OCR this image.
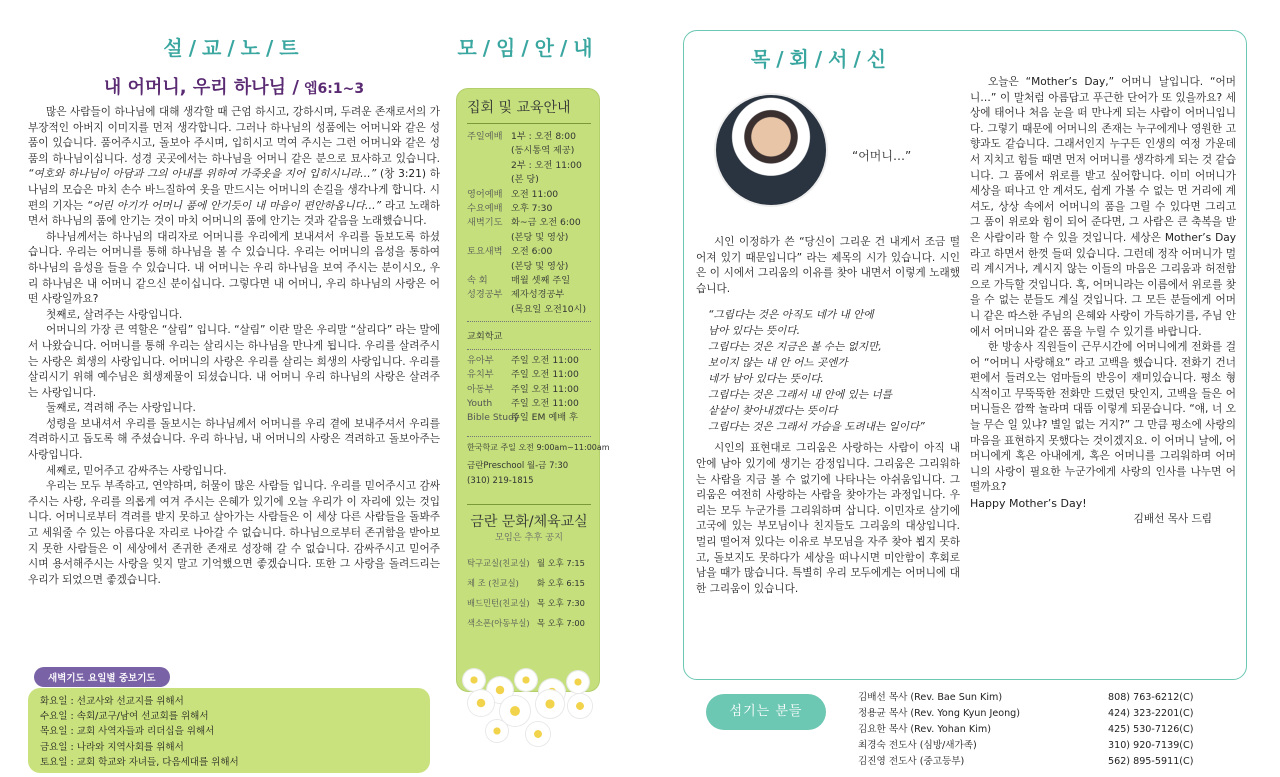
설/교/노/트
내 어머니, 우리 하나님 / 엡6:1~3

많은 사람들이 하나님에 대해 생각할 때 근엄 하시고, 강하시며, 두려운 존재로서의 가부장적인 아버지 이미지를 먼저 생각합니다. 그러나 하나님의 성품에는 어머니와 같은 성품이 있습니다. 품어주시고, 돌보아 주시며, 입히시고 먹여 주시는 그런 어머니와 같은 성품의 하나님이십니다. 성경 곳곳에서는 하나님을 어머니 같은 분으로 묘사하고 있습니다. “여호와 하나님이 아담과 그의 아내를 위하여 가죽옷을 지어 입히시니라…” (창 3:21) 하나님의 모습은 마치 손수 바느질하여 옷을 만드시는 어머니의 손길을 생각나게 합니다. 시편의 기자는 “어린 아기가 어머니 품에 안기듯이 내 마음이 편안하옵니다…” 라고 노래하면서 하나님의 품에 안기는 것이 마치 어머니의 품에 안기는 것과 같음을 노래했습니다.

하나님께서는 하나님의 대리자로 어머니를 우리에게 보내셔서 우리를 돌보도록 하셨습니다. 우리는 어머니를 통해 하나님을 볼 수 있습니다. 우리는 어머니의 음성을 통하여 하나님의 음성을 들을 수 있습니다. 내 어머니는 우리 하나님을 보여 주시는 분이시오, 우리 하나님은 내 어머니 같으신 분이십니다. 그렇다면 내 어머니, 우리 하나님의 사랑은 어떤 사랑일까요?

첫째로, 살려주는 사랑입니다.

어머니의 가장 큰 역할은 “살림” 입니다. “살림” 이란 말은 우리말 “살리다” 라는 말에서 나왔습니다. 어머니를 통해 우리는 살리시는 하나님을 만나게 됩니다. 우리를 살려주시는 사랑은 희생의 사랑입니다. 어머니의 사랑은 우리를 살리는 희생의 사랑입니다. 우리를 살리시기 위해 예수님은 희생제물이 되셨습니다. 내 어머니 우리 하나님의 사랑은 살려주는 사랑입니다.

둘째로, 격려해 주는 사랑입니다.

성령을 보내셔서 우리를 돌보시는 하나님께서 어머니를 우리 곁에 보내주셔서 우리를 격려하시고 돕도록 해 주셨습니다. 우리 하나님, 내 어머니의 사랑은 격려하고 돌보아주는 사랑입니다.

세째로, 믿어주고 감싸주는 사랑입니다.

우리는 모두 부족하고, 연약하며, 허물이 많은 사람들 입니다. 우리를 믿어주시고 감싸 주시는 사랑, 우리를 의롭게 여겨 주시는 은혜가 있기에 오늘 우리가 이 자리에 있는 것입니다. 어머니로부터 격려를 받지 못하고 살아가는 사람들은 이 세상 다른 사람들을 돌봐주고 세워줄 수 있는 아름다운 자리로 나아갈 수 없습니다. 하나님으로부터 존귀함을 받아보지 못한 사람들은 이 세상에서 존귀한 존재로 성장해 갈 수 없습니다. 감싸주시고 믿어주시며 용서해주시는 사랑을 잊지 말고 기억했으면 좋겠습니다. 또한 그 사랑을 돌려드리는 우리가 되었으면 좋겠습니다.

새벽기도 요일별 중보기도
화요일 : 선교사와 선교지를 위해서
수요일 : 속회/교구/남여 선교회를 위해서
목요일 : 교회 사역자들과 리더십을 위해서
금요일 : 나라와 지역사회를 위해서
토요일 : 교회 학교와 자녀들, 다음세대를 위해서
모/임/안/내
집회 및 교육안내
주일예배 1부 : 오전 8:00
(동시통역 제공)
2부 : 오전 11:00
(본 당)
영어예배 오전 11:00
수요예배 오후 7:30
새벽기도 화~금 오전 6:00
(본당 및 영상)
토요새벽 오전 6:00
(본당 및 영상)
속 회	매월 셋째 주일
성경공부 제자성경공부
(목요일 오전10시)
교회학교
유아부 주일 오전 11:00
유치부 주일 오전 11:00
아동부 주일 오전 11:00
Youth 주일 오전 11:00
Bible Study주일 EM 예배 후
한국학교 주일 오전 9:00am~11:00am
금란Preschool 월-금 7:30
(310) 219-1815
금란 문화/체육교실
모임은 추후 공지
탁구교실(친교실) 월 오후 7:15
체 조 (친교실) 화 오후 6:15
배드민턴(친교실) 목 오후 7:30
색소폰(아동부실) 목 오후 7:00
목/회/서/신
“어머니…”

시인 이정하가 쓴 “당신이 그리운 건 내게서 조금 떨어져 있기 때문입니다” 라는 제목의 시가 있습니다. 시인은 이 시에서 그리움의 이유를 찾아 내면서 이렇게 노래했습니다.

“그립다는 것은 아직도 네가 내 안에
남아 있다는 뜻이다.
그립다는 것은 지금은 볼 수는 없지만,
보이지 않는 내 안 어느 곳엔가
네가 남아 있다는 뜻이다.
그립다는 것은 그래서 내 안에 있는 너를
샅샅이 찾아내겠다는 뜻이다
그립다는 것은 그래서 가슴을 도려내는 일이다”

시인의 표현대로 그리움은 사랑하는 사람이 아직 내 안에 남아 있기에 생기는 감정입니다. 그리움은 그리워하는 사람을 지금 볼 수 없기에 나타나는 아쉬움입니다. 그리움은 여전히 사랑하는 사람을 찾아가는 과정입니다. 우리는 모두 누군가를 그리워하며 삽니다. 이민자로 살기에 고국에 있는 부모님이나 친지들도 그리움의 대상입니다. 멀리 떨어져 있다는 이유로 부모님을 자주 찾아 뵙지 못하고, 돌보지도 못하다가 세상을 떠나시면 미안함이 후회로 남을 때가 많습니다. 특별히 우리 모두에게는 어머니에 대한 그리움이 있습니다.

오늘은 “Mother’s Day,” 어머니 날입니다. “어머니…” 이 말처럼 아름답고 푸근한 단어가 또 있을까요? 세상에 태어나 처음 눈을 떠 만나게 되는 사람이 어머니입니다. 그렇기 때문에 어머니의 존재는 누구에게나 영원한 고향과도 같습니다. 그래서인지 누구든 인생의 여정 가운데서 지치고 힘들 때면 먼저 어머니를 생각하게 되는 것 같습니다. 그 품에서 위로를 받고 싶어합니다. 이미 어머니가 세상을 떠나고 안 계셔도, 쉽게 가볼 수 없는 먼 거리에 계셔도, 상상 속에서 어머니의 품을 그릴 수 있다면 그리고 그 품이 위로와 힘이 되어 준다면, 그 사람은 큰 축복을 받은 사람이라 할 수 있을 것입니다. 세상은 Mother’s Day 라고 하면서 한껏 들떠 있습니다. 그런데 정작 어머니가 멀리 계시거나, 계시지 않는 이들의 마음은 그리움과 허전함으로 가득할 것입니다. 혹, 어머니라는 이름에서 위로를 찾을 수 없는 분들도 계실 것입니다. 그 모든 분들에게 어머니 같은 따스한 주님의 은혜와 사랑이 가득하기를, 주님 안에서 어머니와 같은 품을 누릴 수 있기를 바랍니다.

한 방송사 직원들이 근무시간에 어머니에게 전화를 걸어 “어머니 사랑해요” 라고 고백을 했습니다. 전화기 건너편에서 들려오는 엄마들의 반응이 재미있습니다. 평소 형식적이고 무뚝뚝한 전화만 드렸던 탓인지, 고백을 들은 어머니들은 깜짝 놀라며 대뜸 이렇게 되묻습니다. “얘, 너 오늘 무슨 일 있냐? 별일 없는 거지?” 그 만큼 평소에 사랑의 마음을 표현하지 못했다는 것이겠지요. 이 어머니 날에, 어머니에게 혹은 아내에게, 혹은 어머니를 그리워하며 어머니의 사랑이 필요한 누군가에게 사랑의 인사를 나누면 어떨까요?

Happy Mother’s Day!

김배선 목사 드림

섬기는 분들
김배선 목사 (Rev. Bae Sun Kim)	808) 763-6212(C)
정용균 목사 (Rev. Yong Kyun Jeong)	424) 323-2201(C)
김요한 목사 (Rev. Yohan Kim)	425) 530-7126(C)
최경숙 전도사 (심방/새가족)	310) 920-7139(C)
김진영 전도사 (중고등부)	562) 895-5911(C)
